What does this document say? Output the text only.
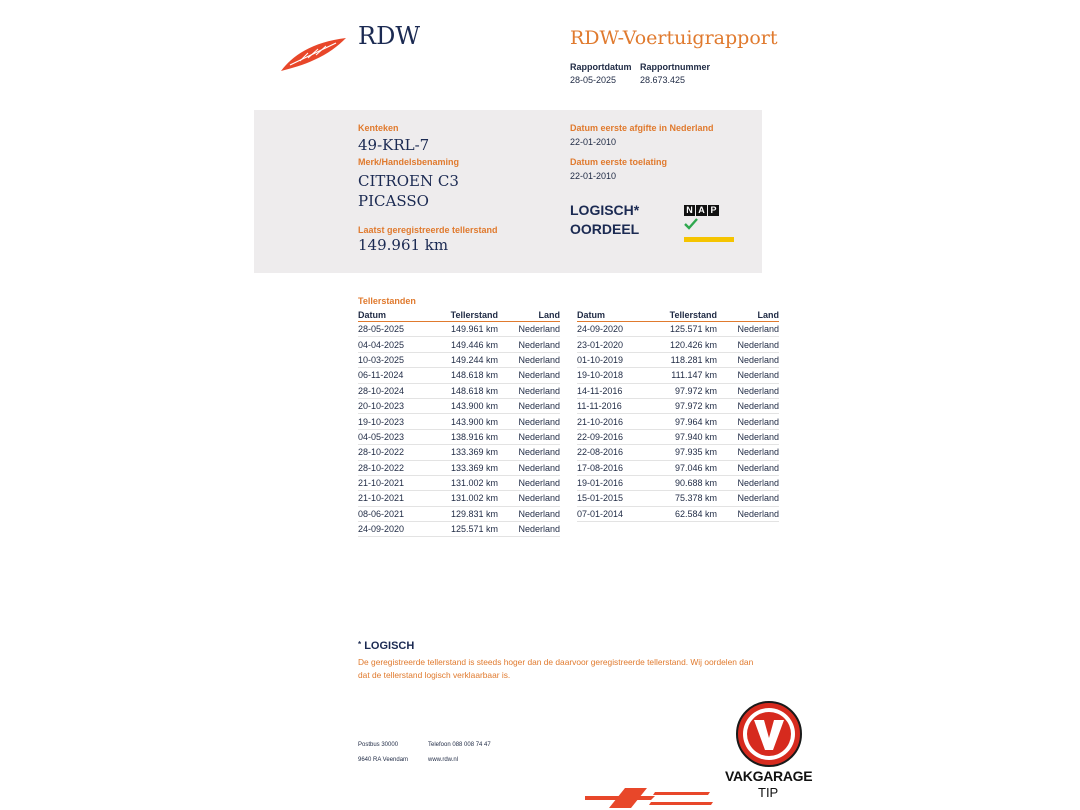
RDW	RDW-Voertuigrapport
Rapportdatum
28-05-2025
Rapportnummer
28.673.425
Kenteken
49-KRL-7
Merk/Handelsbenaming
CITROEN C3
PICASSO
Laatst geregistreerde tellerstand
149.961 km
Datum eerste afgifte in Nederland
22-01-2010
Datum eerste toelating
22-01-2010
LOGISCH*
OORDEEL
N A P
Tellerstanden
Datum	Tellerstand	Land
28-05-2025	149.961 km	Nederland
04-04-2025	149.446 km	Nederland
10-03-2025	149.244 km	Nederland
06-11-2024	148.618 km	Nederland
28-10-2024	148.618 km	Nederland
20-10-2023	143.900 km	Nederland
19-10-2023	143.900 km	Nederland
04-05-2023	138.916 km	Nederland
28-10-2022	133.369 km	Nederland
28-10-2022	133.369 km	Nederland
21-10-2021	131.002 km	Nederland
21-10-2021	131.002 km	Nederland
08-06-2021	129.831 km	Nederland
24-09-2020	125.571 km	Nederland
Datum	Tellerstand	Land
24-09-2020	125.571 km	Nederland
23-01-2020	120.426 km	Nederland
01-10-2019	118.281 km	Nederland
19-10-2018	111.147 km	Nederland
14-11-2016	97.972 km	Nederland
11-11-2016	97.972 km	Nederland
21-10-2016	97.964 km	Nederland
22-09-2016	97.940 km	Nederland
22-08-2016	97.935 km	Nederland
17-08-2016	97.046 km	Nederland
19-01-2016	90.688 km	Nederland
15-01-2015	75.378 km	Nederland
07-01-2014	62.584 km	Nederland
* LOGISCH
De geregistreerde tellerstand is steeds hoger dan de daarvoor geregistreerde tellerstand. Wij oordelen dan
dat de tellerstand logisch verklaarbaar is.
Postbus 30000
9640 RA Veendam
Telefoon 088 008 74 47
www.rdw.nl
VAKGARAGE
TIP
